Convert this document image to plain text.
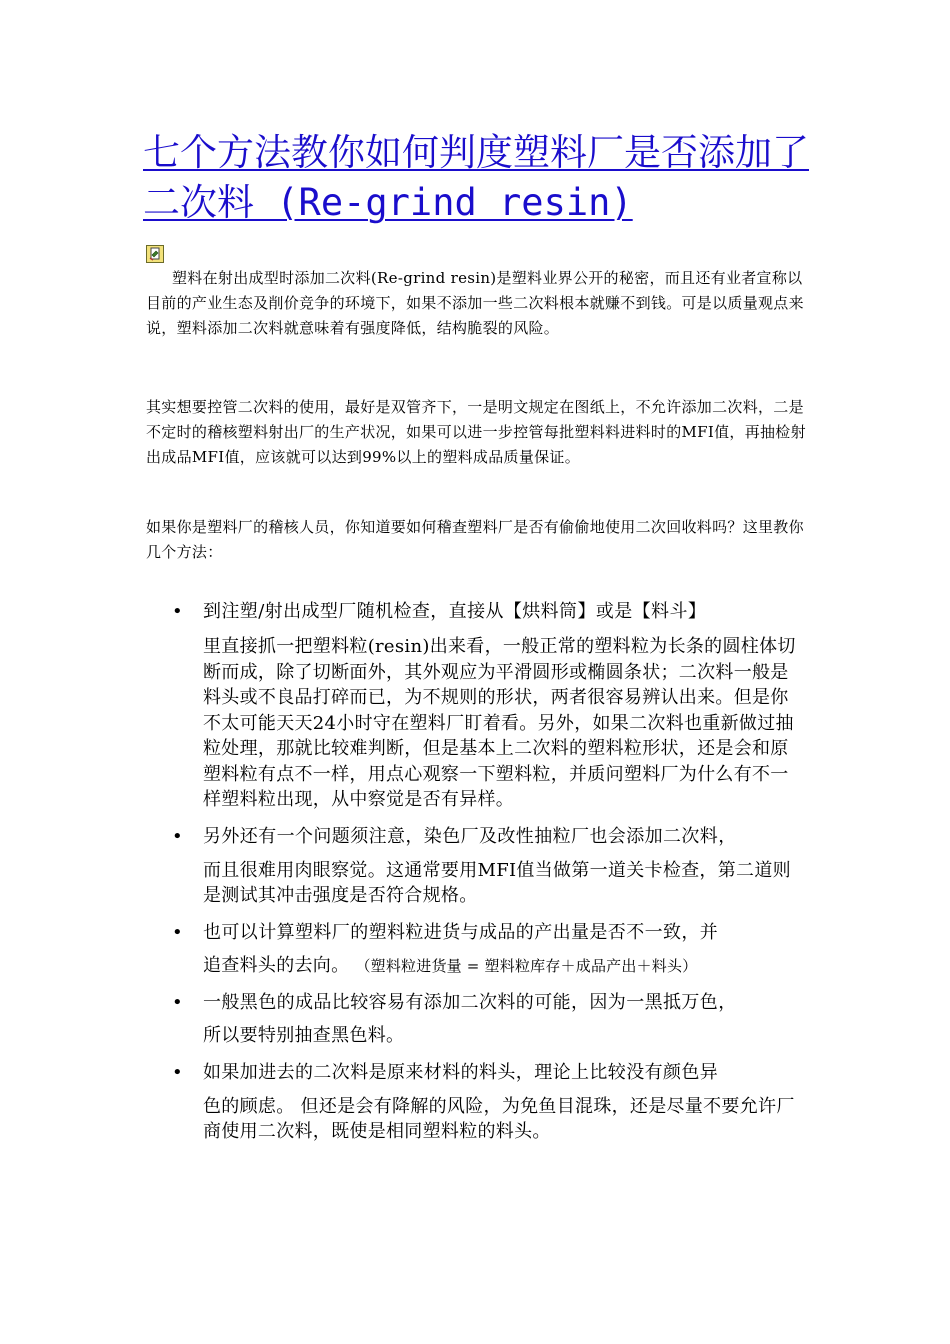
七个方法教你如何判度塑料厂是否添加了二次料 (Re-grind resin)

塑料在射出成型时添加二次料(Re-grind resin)是塑料业界公开的秘密，而且还有业者宣称以目前的产业生态及削价竞争的环境下，如果不添加一些二次料根本就赚不到钱。可是以质量观点来说，塑料添加二次料就意味着有强度降低，结构脆裂的风险。

其实想要控管二次料的使用，最好是双管齐下，一是明文规定在图纸上，不允许添加二次料，二是不定时的稽核塑料射出厂的生产状况，如果可以进一步控管每批塑料料进料时的MFI值，再抽检射出成品MFI值，应该就可以达到99%以上的塑料成品质量保证。

如果你是塑料厂的稽核人员，你知道要如何稽查塑料厂是否有偷偷地使用二次回收料吗？这里教你几个方法：

• 到注塑/射出成型厂随机检查，直接从【烘料筒】或是【料斗】
里直接抓一把塑料粒(resin)出来看，一般正常的塑料粒为长条的圆柱体切断而成，除了切断面外，其外观应为平滑圆形或椭圆条状；二次料一般是料头或不良品打碎而已，为不规则的形状，两者很容易辨认出来。但是你不太可能天天24小时守在塑料厂盯着看。另外，如果二次料也重新做过抽粒处理，那就比较难判断，但是基本上二次料的塑料粒形状，还是会和原塑料粒有点不一样，用点心观察一下塑料粒，并质问塑料厂为什么有不一样塑料粒出现，从中察觉是否有异样。
• 另外还有一个问题须注意，染色厂及改性抽粒厂也会添加二次料，
而且很难用肉眼察觉。这通常要用MFI值当做第一道关卡检查，第二道则是测试其冲击强度是否符合规格。
• 也可以计算塑料厂的塑料粒进货与成品的产出量是否不一致，并
追查料头的去向。 （塑料粒进货量 = 塑料粒库存＋成品产出＋料头）
• 一般黑色的成品比较容易有添加二次料的可能，因为一黑抵万色，
所以要特别抽查黑色料。
• 如果加进去的二次料是原来材料的料头，理论上比较没有颜色异
色的顾虑。 但还是会有降解的风险，为免鱼目混珠，还是尽量不要允许厂商使用二次料，既使是相同塑料粒的料头。
